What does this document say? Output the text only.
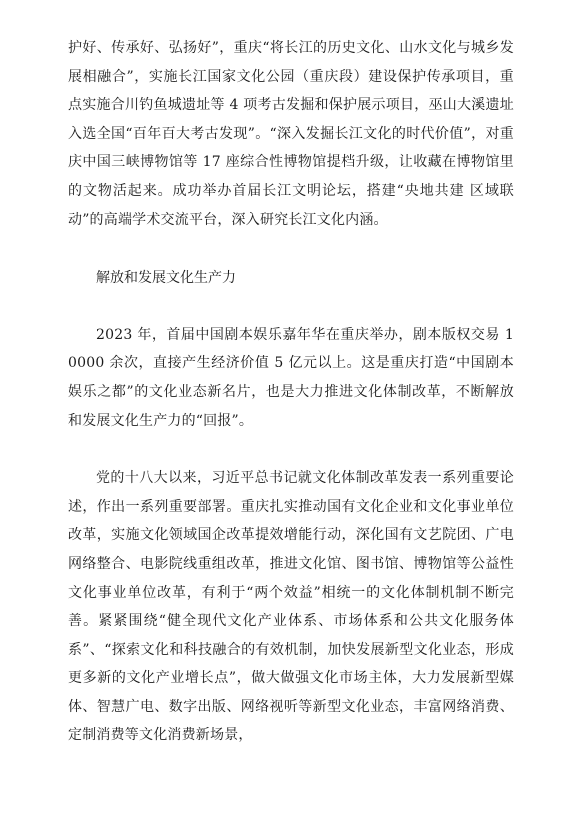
护好、传承好、弘扬好”，重庆“将长江的历史文化、山水文化与城乡发展相融合”，实施长江国家文化公园（重庆段）建设保护传承项目，重点实施合川钓鱼城遗址等 4 项考古发掘和保护展示项目，巫山大溪遗址入选全国“百年百大考古发现”。“深入发掘长江文化的时代价值”，对重庆中国三峡博物馆等 17 座综合性博物馆提档升级，让收藏在博物馆里的文物活起来。成功举办首届长江文明论坛，搭建“央地共建 区域联动”的高端学术交流平台，深入研究长江文化内涵。

解放和发展文化生产力

2023 年，首届中国剧本娱乐嘉年华在重庆举办，剧本版权交易 10000 余次，直接产生经济价值 5 亿元以上。这是重庆打造“中国剧本娱乐之都”的文化业态新名片，也是大力推进文化体制改革，不断解放和发展文化生产力的“回报”。

党的十八大以来，习近平总书记就文化体制改革发表一系列重要论述，作出一系列重要部署。重庆扎实推动国有文化企业和文化事业单位改革，实施文化领域国企改革提效增能行动，深化国有文艺院团、广电网络整合、电影院线重组改革，推进文化馆、图书馆、博物馆等公益性文化事业单位改革，有利于“两个效益”相统一的文化体制机制不断完善。紧紧围绕“健全现代文化产业体系、市场体系和公共文化服务体系”、“探索文化和科技融合的有效机制，加快发展新型文化业态，形成更多新的文化产业增长点”，做大做强文化市场主体，大力发展新型媒体、智慧广电、数字出版、网络视听等新型文化业态，丰富网络消费、定制消费等文化消费新场景，
